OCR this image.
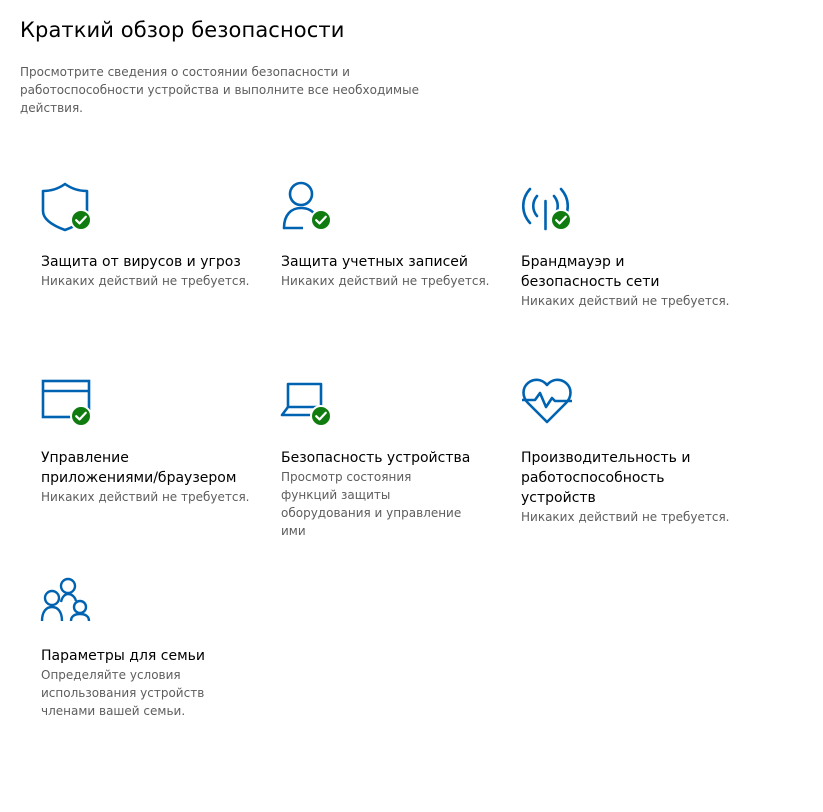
Краткий обзор безопасности

Просмотрите сведения о состоянии безопасности и работоспособности устройства и выполните все необходимые действия.

Защита от вирусов и угроз
Никаких действий не требуется.
Защита учетных записей
Никаких действий не требуется.
Брандмауэр и
безопасность сети
Никаких действий не требуется.
Управление
приложениями/браузером
Никаких действий не требуется.
Безопасность устройства
Просмотр состояния функций защиты оборудования и управление ими
Производительность и
работоспособность
устройств
Никаких действий не требуется.
Параметры для семьи
Определяйте условия использования устройств членами вашей семьи.
